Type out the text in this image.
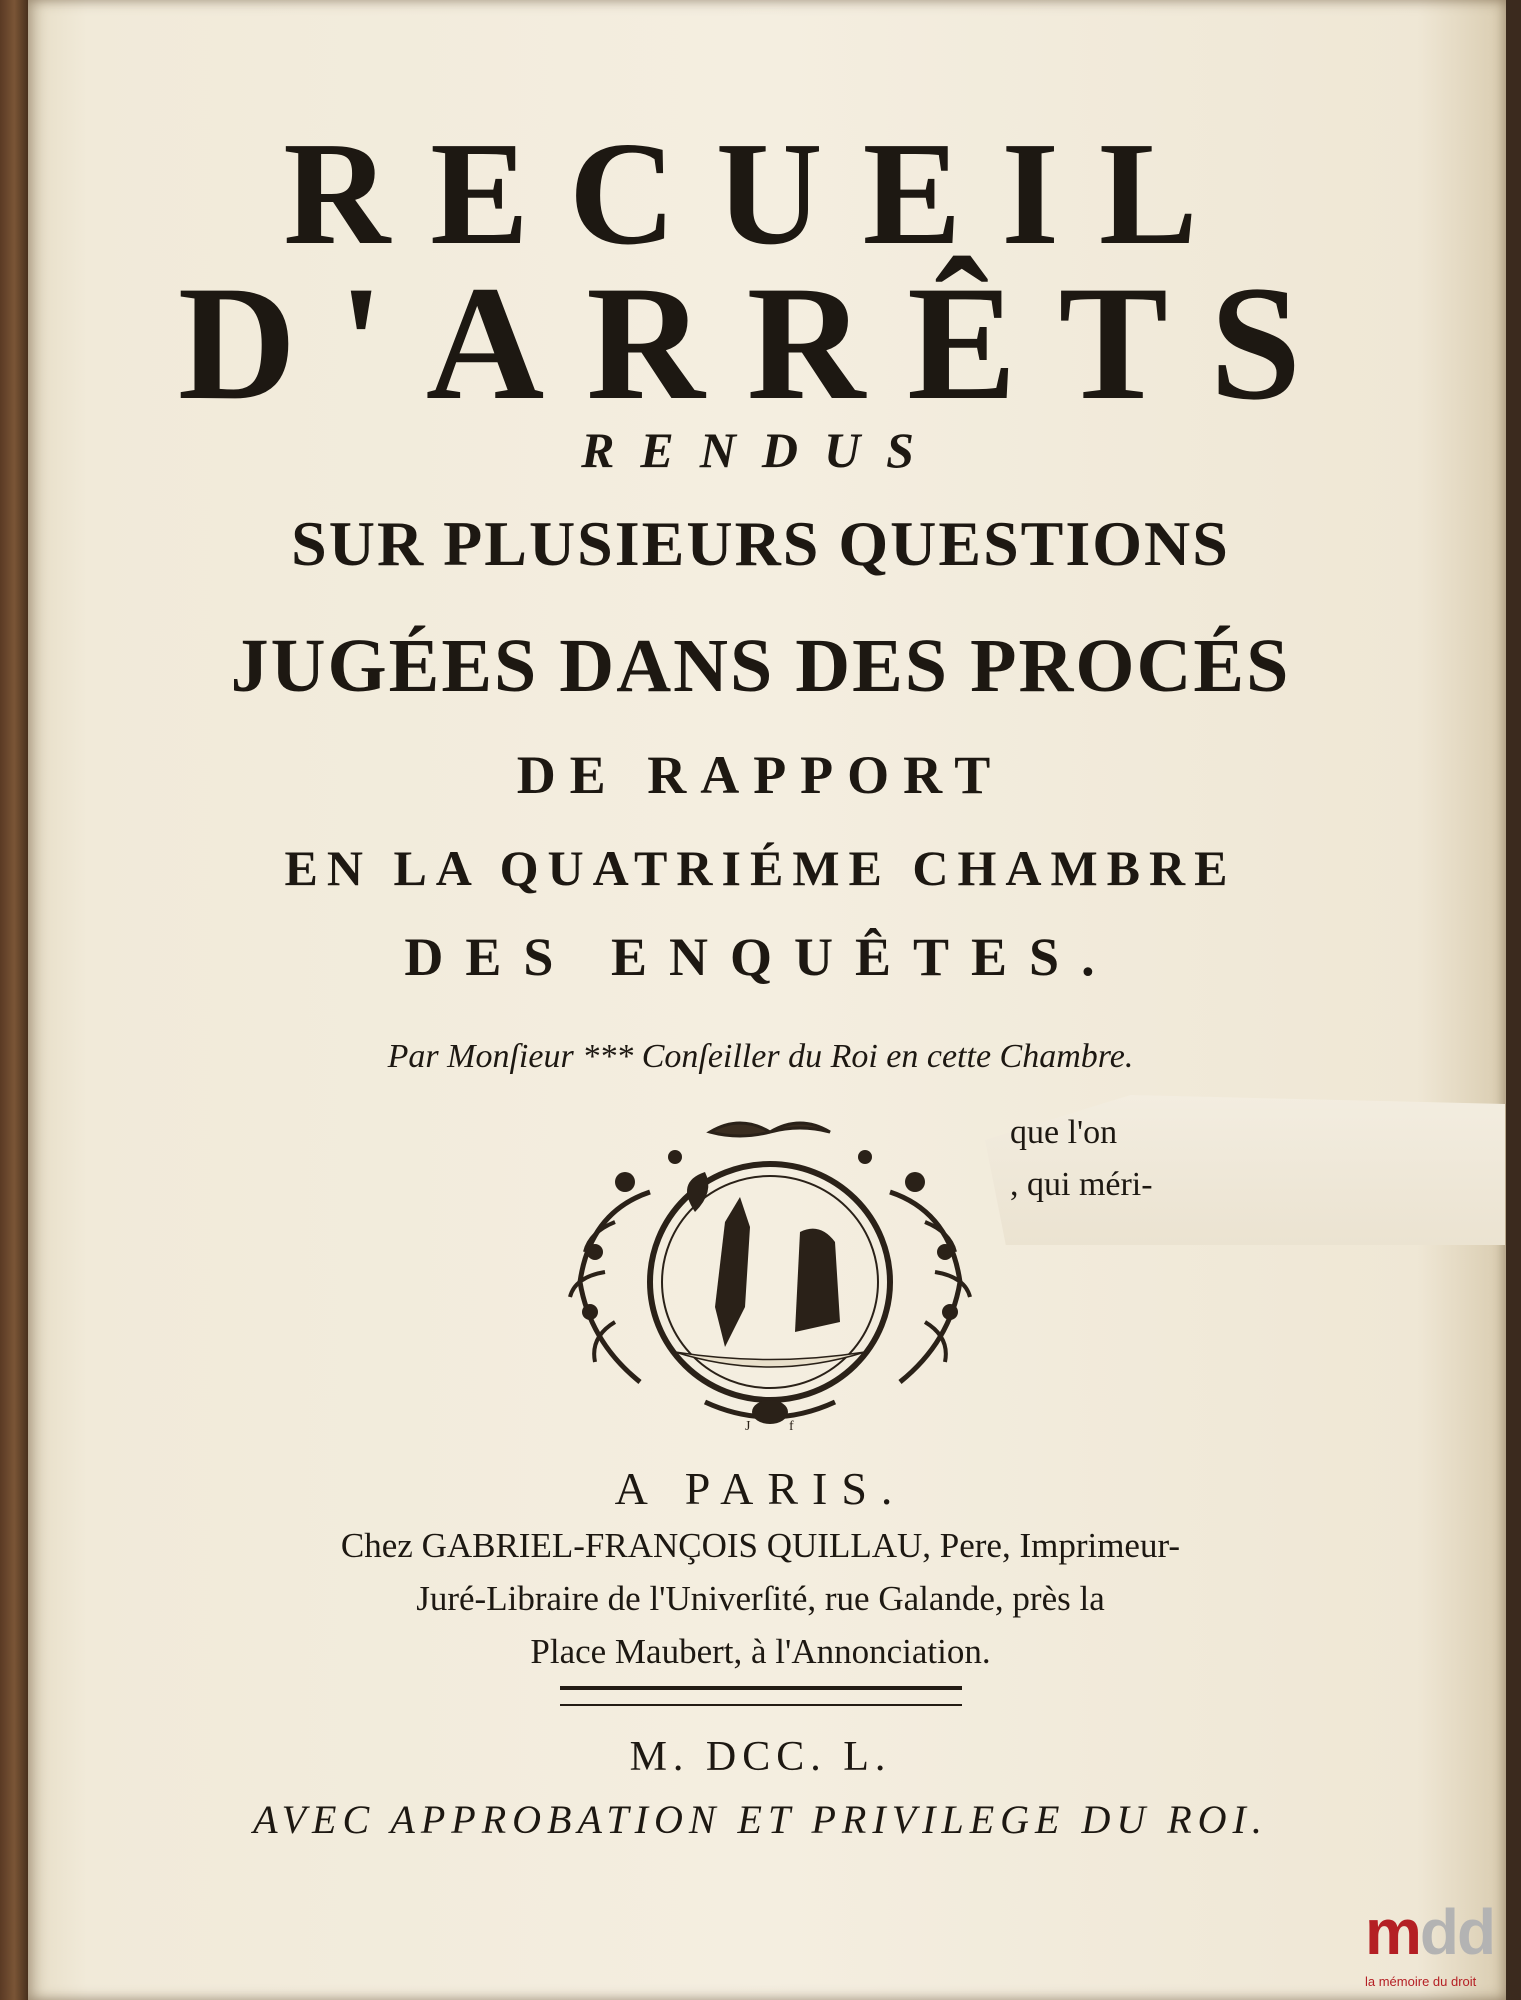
RECUEIL
D'ARRÊTS
RENDUS
SUR PLUSIEURS QUESTIONS
JUGÉES DANS DES PROCÉS
DE RAPPORT
EN LA QUATRIÉME CHAMBRE
DES ENQUÊTES.
Par Monſieur *** Conſeiller du Roi en cette Chambre.
que l'on
, qui méri-
J	f
A PARIS.
Chez GABRIEL-FRANÇOIS QUILLAU, Pere, Imprimeur-
Juré-Libraire de l'Univerſité, rue Galande, près la
Place Maubert, à l'Annonciation.
M. DCC. L.
AVEC APPROBATION ET PRIVILEGE DU ROI.
mdd
la mémoire du droit
